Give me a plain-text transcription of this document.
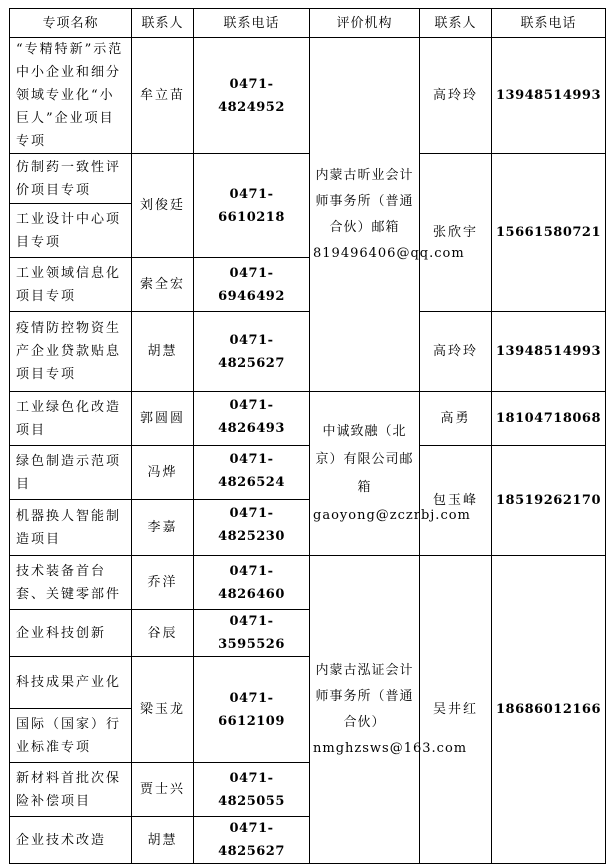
专项名称	联系人	联系电话	评价机构	联系人	联系电话
“专精特新”示范中小企业和细分领域专业化“小巨人”企业项目专项	牟立苗	0471-4824952	内蒙古昕业会计师事务所（普通合伙）邮箱819496406@qq.com	高玲玲	13948514993
仿制药一致性评价项目专项	刘俊廷	0471-6610218		张欣宇	15661580721
工业设计中心项目专项					
工业领域信息化项目专项	索全宏	0471-6946492			
疫情防控物资生产企业贷款贴息项目专项	胡慧	0471-4825627		高玲玲	13948514993
工业绿色化改造项目	郭圆圆	0471-4826493	中诚致融（北京）有限公司邮箱gaoyong@zczrbj.com	高勇	18104718068
绿色制造示范项目	冯烨	0471-4826524		包玉峰	18519262170
机器换人智能制造项目	李嘉	0471-4825230			
技术装备首台套、关键零部件	乔洋	0471-4826460	内蒙古泓证会计师事务所（普通合伙）nmghzsws@163.com	吴井红	18686012166
企业科技创新	谷辰	0471-3595526			
科技成果产业化	梁玉龙	0471-6612109			
国际（国家）行业标准专项					
新材料首批次保险补偿项目	贾士兴	0471-4825055			
企业技术改造	胡慧	0471-4825627			
